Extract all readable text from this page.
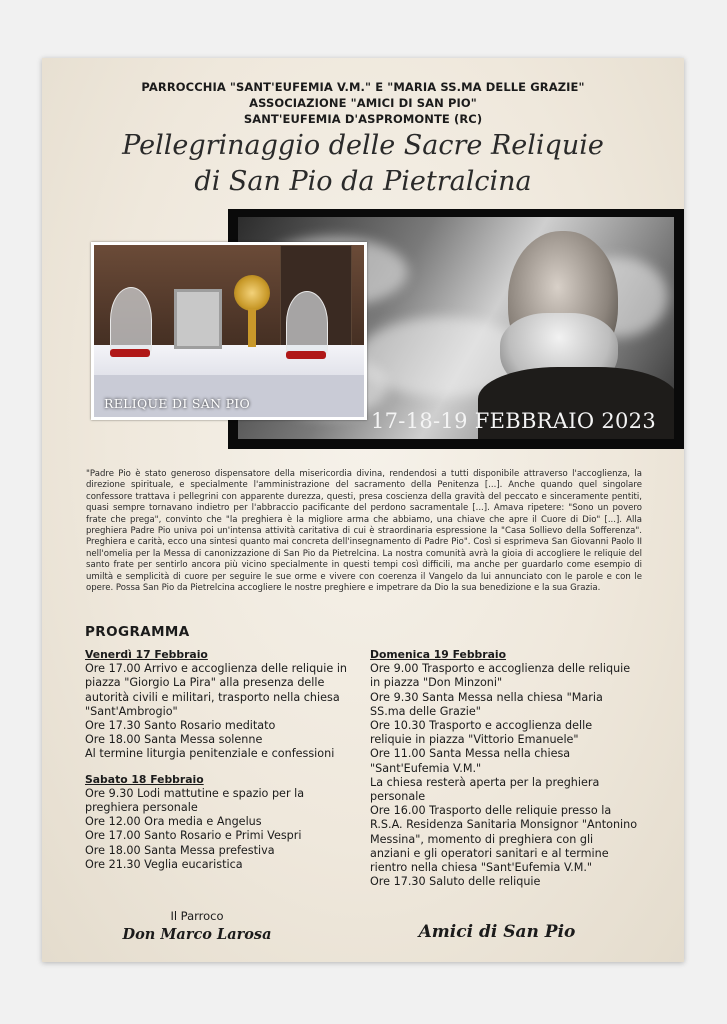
PARROCCHIA "SANT'EUFEMIA V.M." E "MARIA SS.MA DELLE GRAZIE"
ASSOCIAZIONE "AMICI DI SAN PIO"
SANT'EUFEMIA D'ASPROMONTE (RC)
Pellegrinaggio delle Sacre Reliquie
di San Pio da Pietralcina
17-18-19 FEBBRAIO 2023
RELIQUE DI SAN PIO
"Padre Pio è stato generoso dispensatore della misericordia divina, rendendosi a tutti disponibile attraverso l'accoglienza, la direzione spirituale, e specialmente l'amministrazione del sacramento della Penitenza [...]. Anche quando quel singolare confessore trattava i pellegrini con apparente durezza, questi, presa coscienza della gravità del peccato e sinceramente pentiti, quasi sempre tornavano indietro per l'abbraccio pacificante del perdono sacramentale [...]. Amava ripetere: "Sono un povero frate che prega", convinto che "la preghiera è la migliore arma che abbiamo, una chiave che apre il Cuore di Dio" [...]. Alla preghiera Padre Pio univa poi un'intensa attività caritativa di cui è straordinaria espressione la "Casa Sollievo della Sofferenza". Preghiera e carità, ecco una sintesi quanto mai concreta dell'insegnamento di Padre Pio". Così si esprimeva San Giovanni Paolo II nell'omelia per la Messa di canonizzazione di San Pio da Pietrelcina. La nostra comunità avrà la gioia di accogliere le reliquie del santo frate per sentirlo ancora più vicino specialmente in questi tempi così difficili, ma anche per guardarlo come esempio di umiltà e semplicità di cuore per seguire le sue orme e vivere con coerenza il Vangelo da lui annunciato con le parole e con le opere. Possa San Pio da Pietrelcina accogliere le nostre preghiere e impetrare da Dio la sua benedizione e la sua Grazia.
PROGRAMMA
Venerdì 17 Febbraio
Ore 17.00 Arrivo e accoglienza delle reliquie in
piazza "Giorgio La Pira" alla presenza delle
autorità civili e militari, trasporto nella chiesa
"Sant'Ambrogio"
Ore 17.30 Santo Rosario meditato
Ore 18.00 Santa Messa solenne
Al termine liturgia penitenziale e confessioni
Sabato 18 Febbraio
Ore 9.30 Lodi mattutine e spazio per la
preghiera personale
Ore 12.00 Ora media e Angelus
Ore 17.00 Santo Rosario e Primi Vespri
Ore 18.00 Santa Messa prefestiva
Ore 21.30 Veglia eucaristica
Domenica 19 Febbraio
Ore 9.00 Trasporto e accoglienza delle reliquie
in piazza "Don Minzoni"
Ore 9.30 Santa Messa nella chiesa "Maria
SS.ma delle Grazie"
Ore 10.30 Trasporto e accoglienza delle
reliquie in piazza "Vittorio Emanuele"
Ore 11.00 Santa Messa nella chiesa
"Sant'Eufemia V.M."
La chiesa resterà aperta per la preghiera
personale
Ore 16.00 Trasporto delle reliquie presso la
R.S.A. Residenza Sanitaria Monsignor "Antonino
Messina", momento di preghiera con gli
anziani e gli operatori sanitari e al termine
rientro nella chiesa "Sant'Eufemia V.M."
Ore 17.30 Saluto delle reliquie
Il Parroco
Don Marco Larosa	Amici di San Pio
